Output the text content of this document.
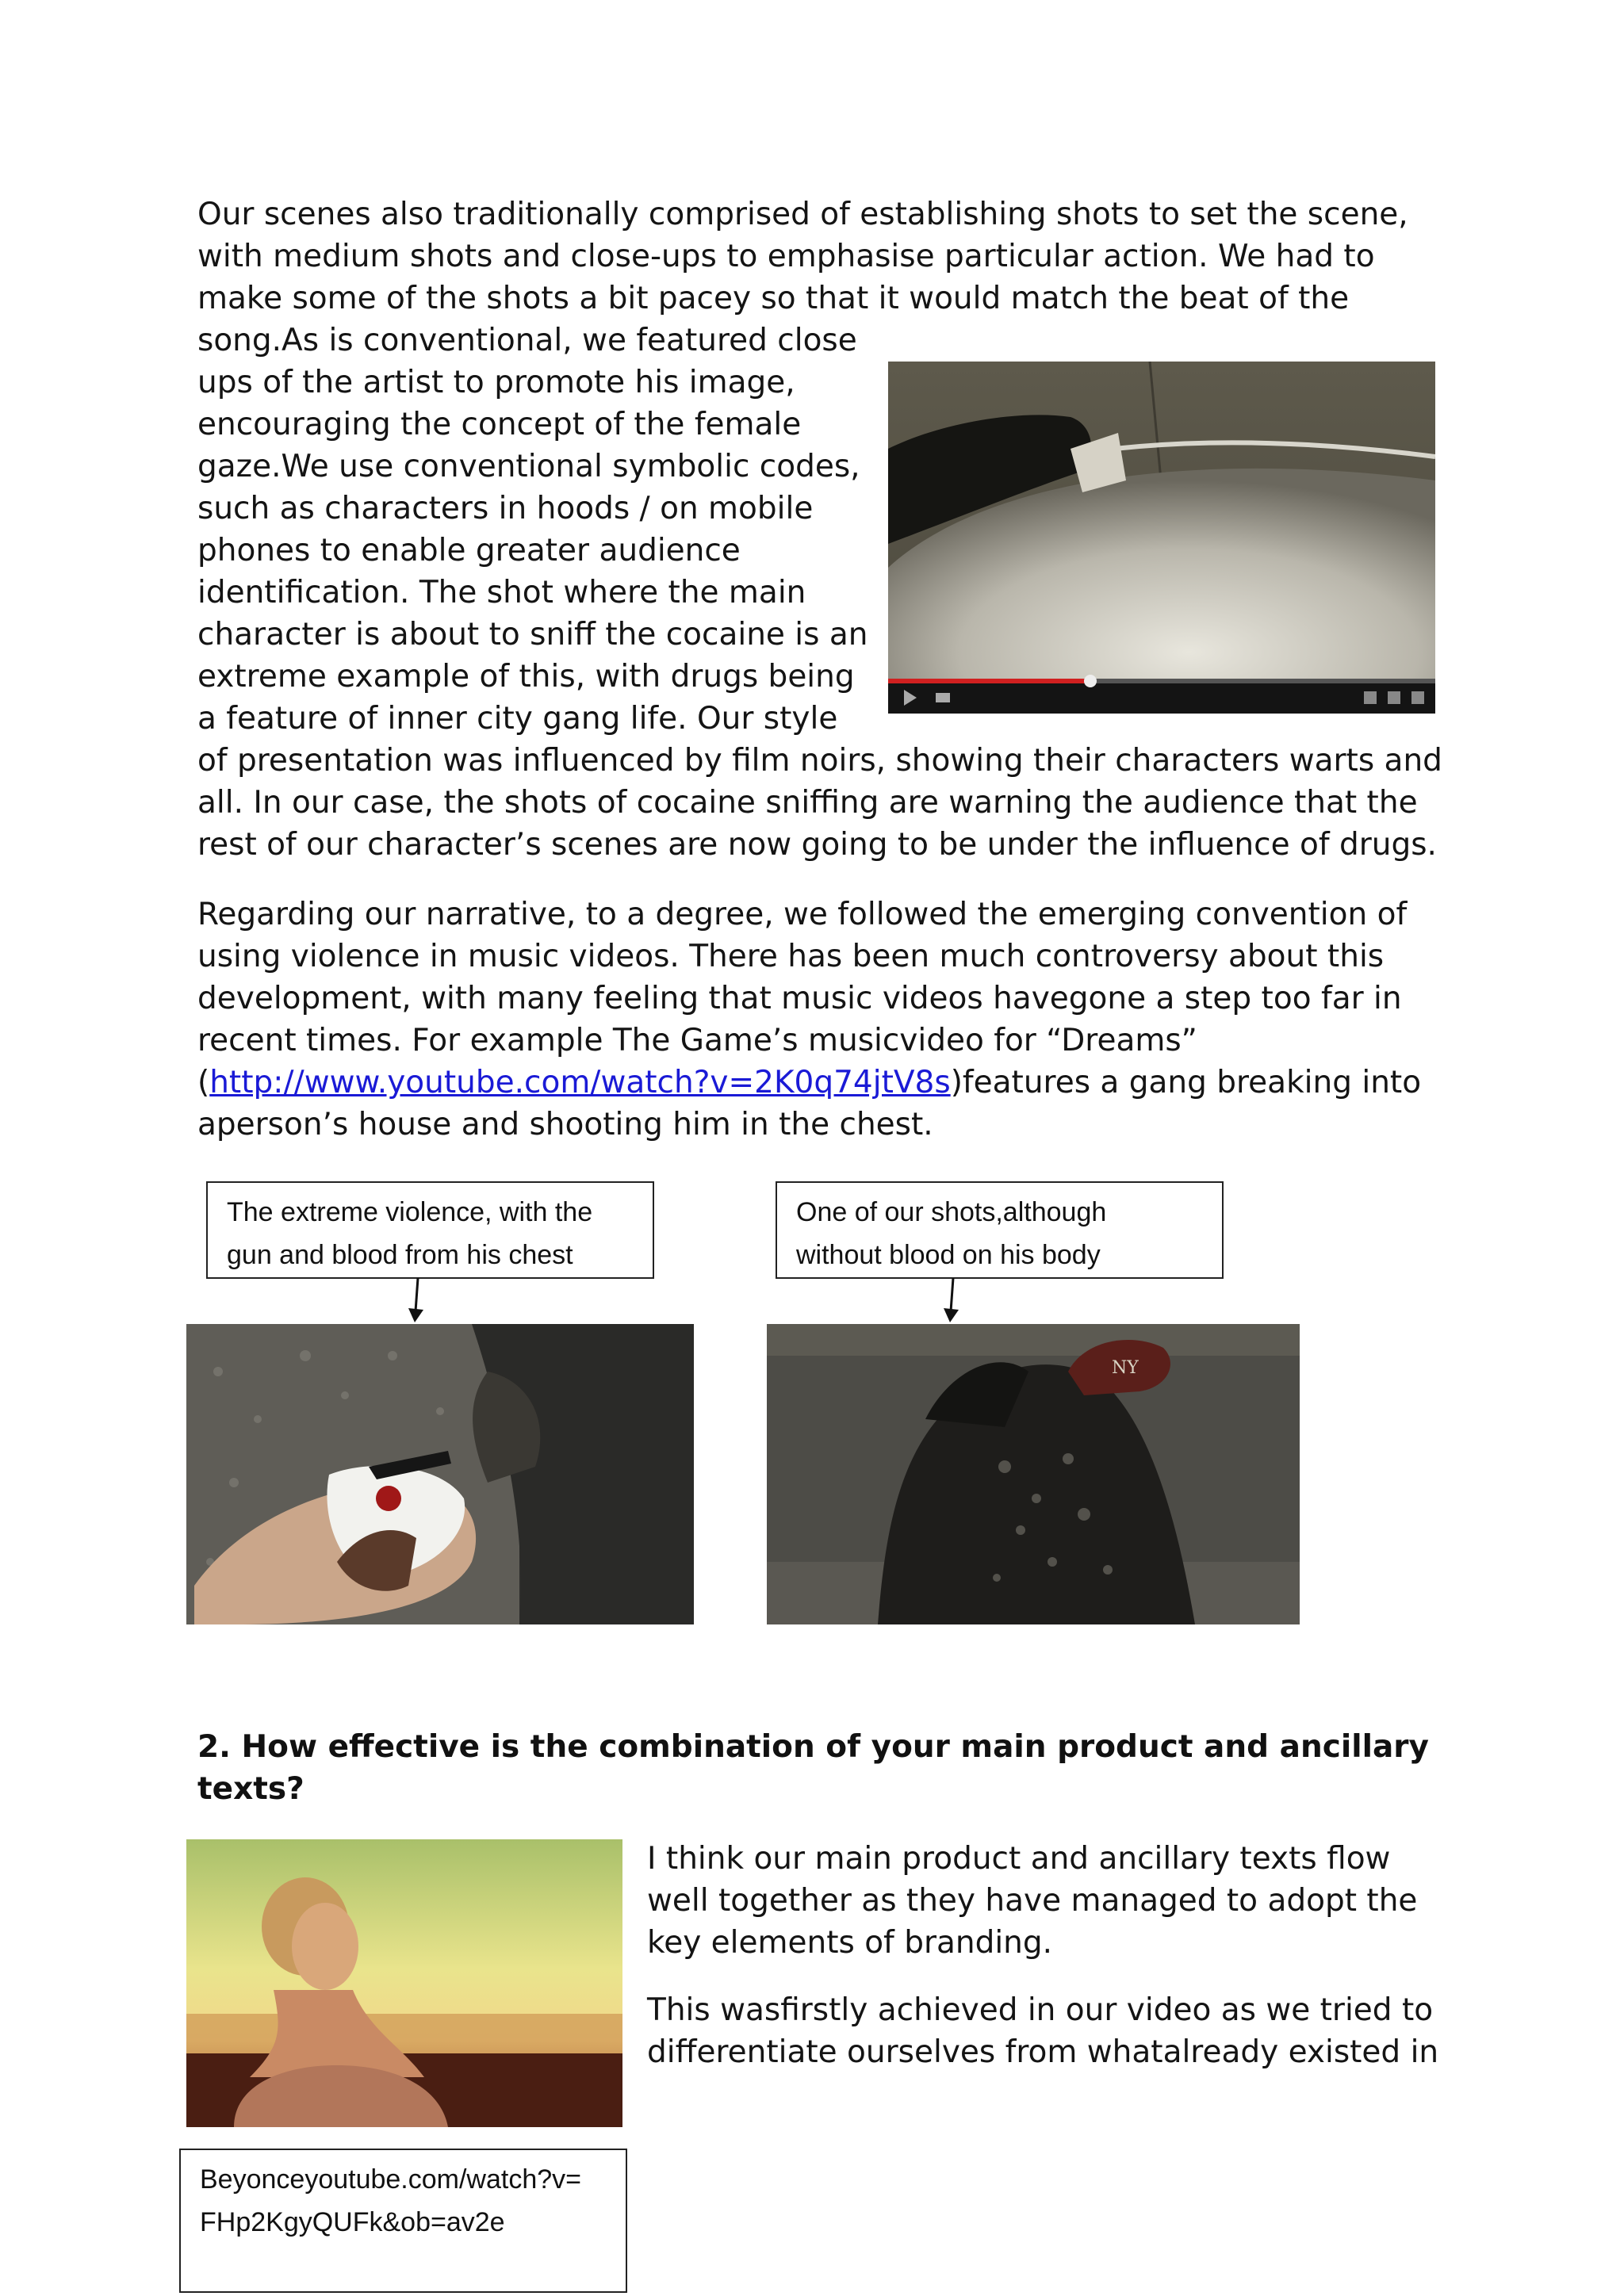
Our scenes also traditionally comprised of establishing shots to set the scene,
with medium shots and close-ups to emphasise particular action. We had to
make some of the shots a bit pacey so that it would match the beat of the
song.As is conventional, we featured close
ups of the artist to promote his image,
encouraging the concept of the female
gaze.We use conventional symbolic codes,
such as characters in hoods / on mobile
phones to enable greater audience
identification. The shot where the main
character is about to sniff the cocaine is an
extreme example of this, with drugs being
a feature of inner city gang life. Our style
of presentation was influenced by film noirs, showing their characters warts and
all. In our case, the shots of cocaine sniffing are warning the audience that the
rest of our character’s scenes are now going to be under the influence of drugs.
Regarding our narrative, to a degree, we followed the emerging convention of
using violence in music videos. There has been much controversy about this
development, with many feeling that music videos havegone a step too far in
recent times. For example The Game’s musicvideo for “Dreams”
(http://www.youtube.com/watch?v=2K0q74jtV8s)features a gang breaking into
aperson’s house and shooting him in the chest.
The extreme violence, with the
gun and blood from his chest
One of our shots,although
without blood on his body
NY
2. How effective is the combination of your main product and ancillary
texts?
I think our main product and ancillary texts flow
well together as they have managed to adopt the
key elements of branding.
This wasfirstly achieved in our video as we tried to
differentiate ourselves from whatalready existed in
Beyonceyoutube.com/watch?v=
FHp2KgyQUFk&ob=av2e
